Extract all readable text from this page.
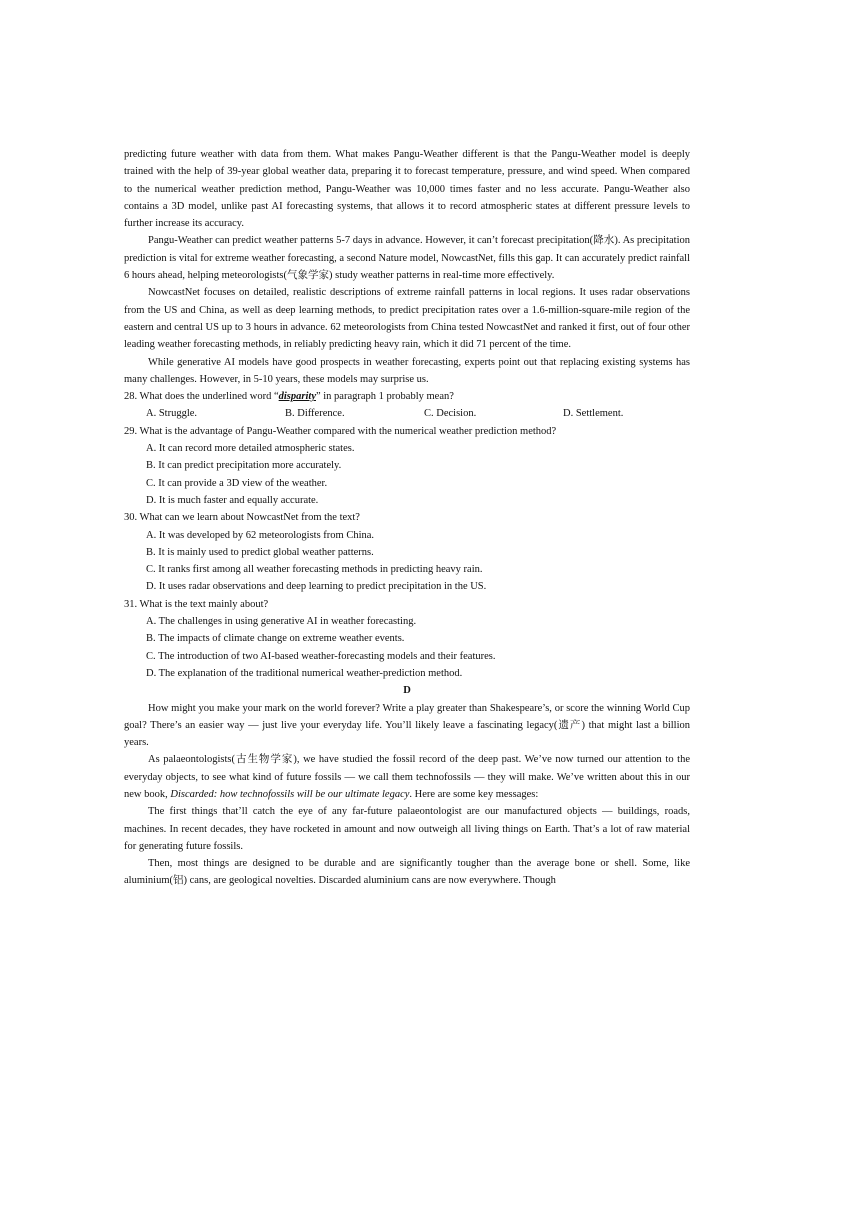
predicting future weather with data from them. What makes Pangu-Weather different is that the Pangu-Weather model is deeply trained with the help of 39-year global weather data, preparing it to forecast temperature, pressure, and wind speed. When compared to the numerical weather prediction method, Pangu-Weather was 10,000 times faster and no less accurate. Pangu-Weather also contains a 3D model, unlike past AI forecasting systems, that allows it to record atmospheric states at different pressure levels to further increase its accuracy.

Pangu-Weather can predict weather patterns 5-7 days in advance. However, it can’t forecast precipitation(降水). As precipitation prediction is vital for extreme weather forecasting, a second Nature model, NowcastNet, fills this gap. It can accurately predict rainfall 6 hours ahead, helping meteorologists(气象学家) study weather patterns in real-time more effectively.

NowcastNet focuses on detailed, realistic descriptions of extreme rainfall patterns in local regions. It uses radar observations from the US and China, as well as deep learning methods, to predict precipitation rates over a 1.6-million-square-mile region of the eastern and central US up to 3 hours in advance. 62 meteorologists from China tested NowcastNet and ranked it first, out of four other leading weather forecasting methods, in reliably predicting heavy rain, which it did 71 percent of the time.

While generative AI models have good prospects in weather forecasting, experts point out that replacing existing systems has many challenges. However, in 5-10 years, these models may surprise us.

28. What does the underlined word “disparity” in paragraph 1 probably mean?

A. Struggle.	B. Difference.	C. Decision.	D. Settlement.

29. What is the advantage of Pangu-Weather compared with the numerical weather prediction method?

A. It can record more detailed atmospheric states.

B. It can predict precipitation more accurately.

C. It can provide a 3D view of the weather.

D. It is much faster and equally accurate.

30. What can we learn about NowcastNet from the text?

A. It was developed by 62 meteorologists from China.

B. It is mainly used to predict global weather patterns.

C. It ranks first among all weather forecasting methods in predicting heavy rain.

D. It uses radar observations and deep learning to predict precipitation in the US.

31. What is the text mainly about?

A. The challenges in using generative AI in weather forecasting.

B. The impacts of climate change on extreme weather events.

C. The introduction of two AI-based weather-forecasting models and their features.

D. The explanation of the traditional numerical weather-prediction method.

D

How might you make your mark on the world forever? Write a play greater than Shakespeare’s, or score the winning World Cup goal? There’s an easier way — just live your everyday life. You’ll likely leave a fascinating legacy(遗产) that might last a billion years.

As palaeontologists(古生物学家), we have studied the fossil record of the deep past. We’ve now turned our attention to the everyday objects, to see what kind of future fossils — we call them technofossils — they will make. We’ve written about this in our new book, Discarded: how technofossils will be our ultimate legacy. Here are some key messages:

The first things that’ll catch the eye of any far-future palaeontologist are our manufactured objects — buildings, roads, machines. In recent decades, they have rocketed in amount and now outweigh all living things on Earth. That’s a lot of raw material for generating future fossils.

Then, most things are designed to be durable and are significantly tougher than the average bone or shell. Some, like aluminium(铝) cans, are geological novelties. Discarded aluminium cans are now everywhere. Though
